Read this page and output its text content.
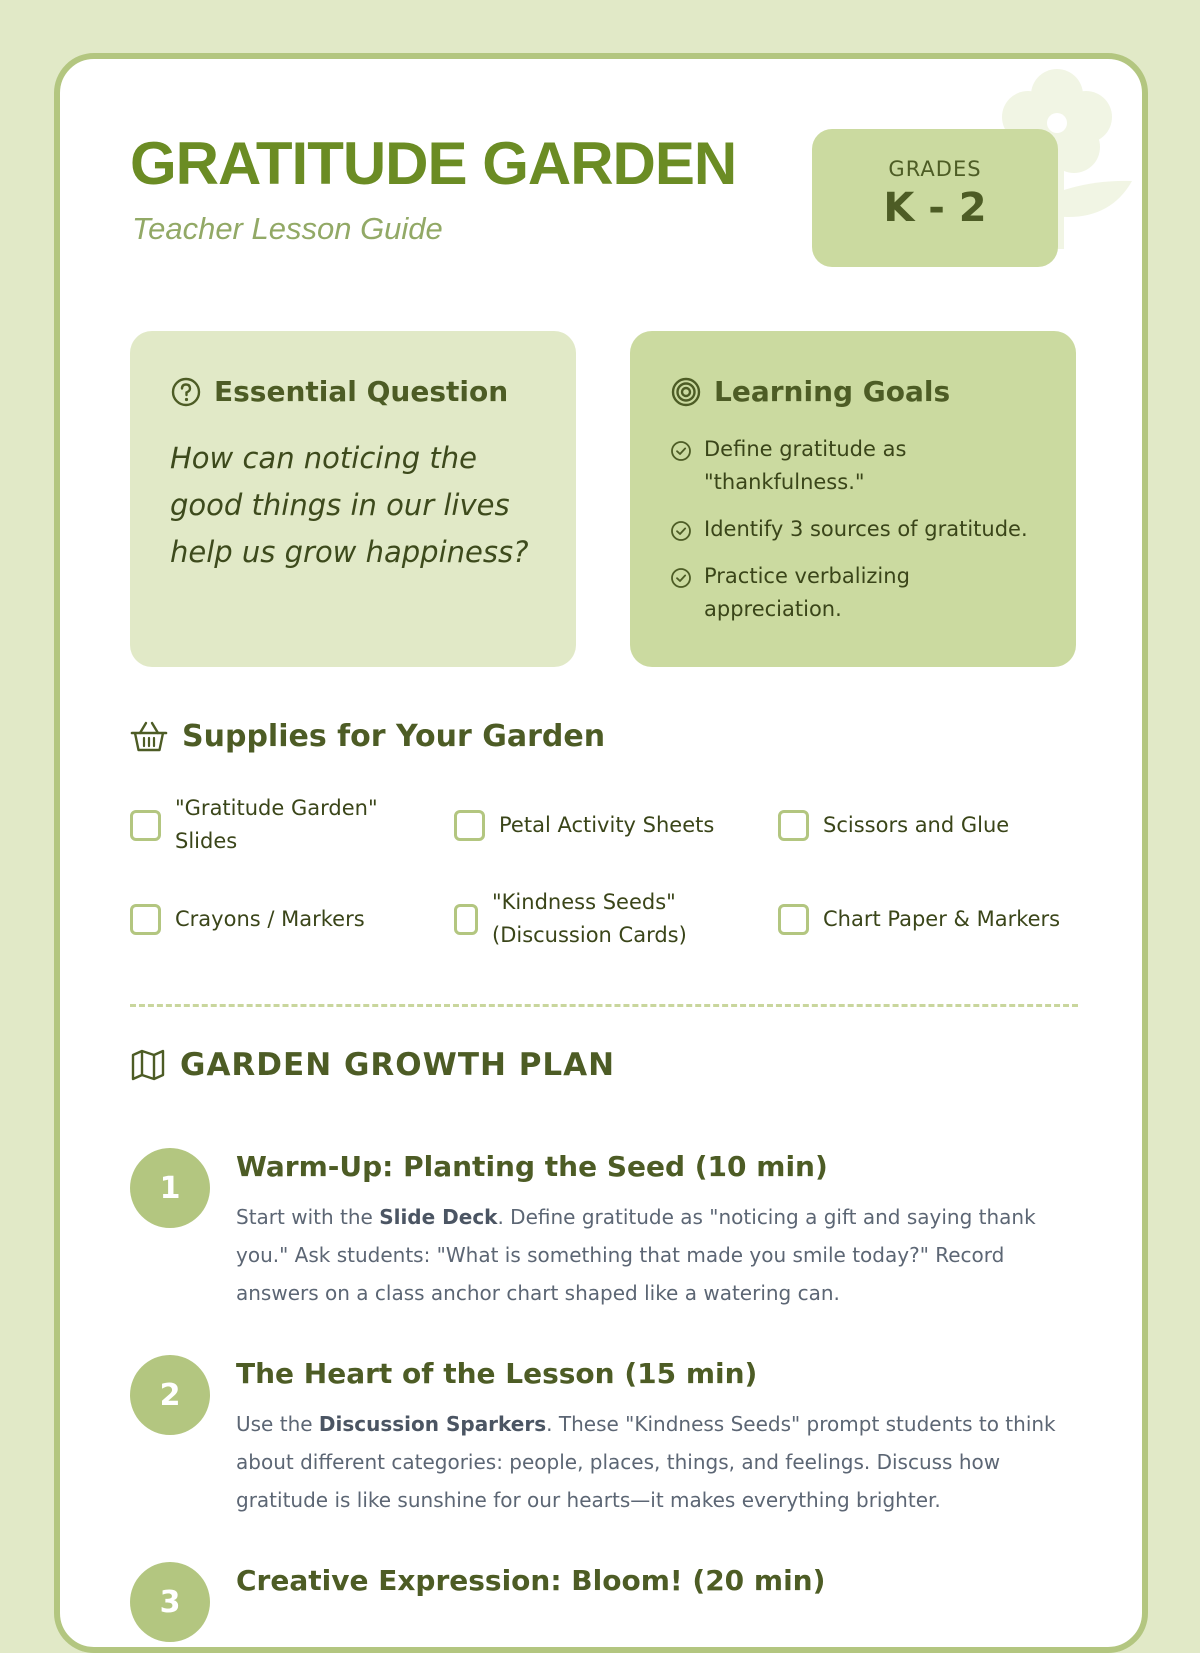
GRATITUDE GARDEN
Teacher Lesson Guide
GRADES
K - 2
Essential Question
How can noticing the good things in our lives help us grow happiness?
Learning Goals
Define gratitude as "thankfulness."
Identify 3 sources of gratitude.
Practice verbalizing appreciation.
Supplies for Your Garden
"Gratitude Garden" Slides
Petal Activity Sheets	Scissors and Glue
Crayons / Markers
"Kindness Seeds" (Discussion Cards)
Chart Paper & Markers
GARDEN GROWTH PLAN
1
Warm-Up: Planting the Seed (10 min)
Start with the Slide Deck. Define gratitude as "noticing a gift and saying thank you." Ask students: "What is something that made you smile today?" Record answers on a class anchor chart shaped like a watering can.
2
The Heart of the Lesson (15 min)
Use the Discussion Sparkers. These "Kindness Seeds" prompt students to think about different categories: people, places, things, and feelings. Discuss how gratitude is like sunshine for our hearts—it makes everything brighter.
3
Creative Expression: Bloom! (20 min)
